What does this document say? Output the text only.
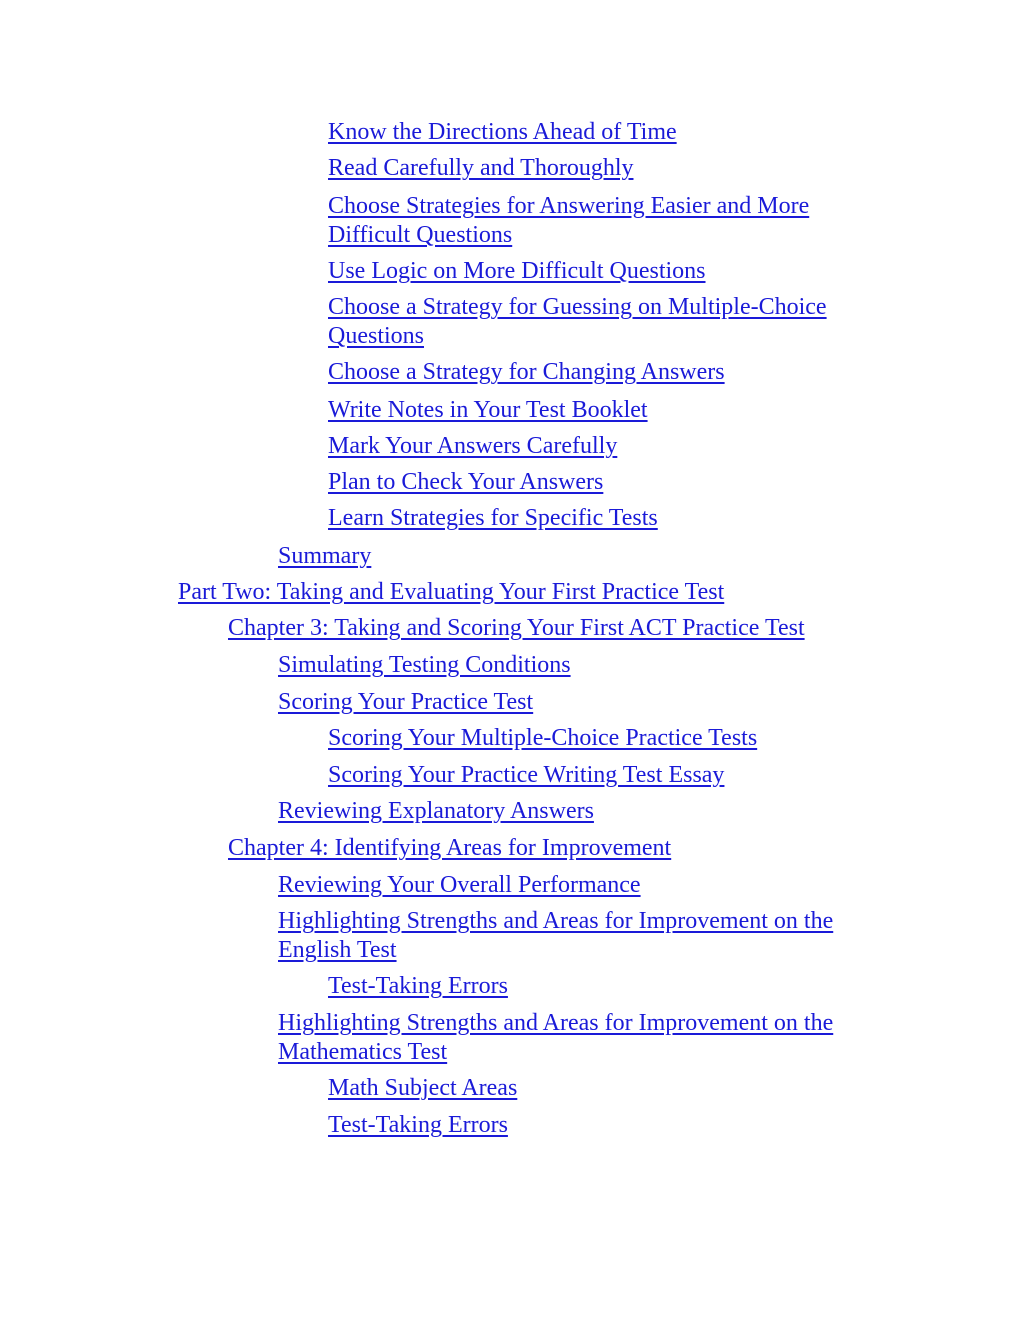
Know the Directions Ahead of Time
Read Carefully and Thoroughly
Choose Strategies for Answering Easier and More Difficult Questions
Use Logic on More Difficult Questions
Choose a Strategy for Guessing on Multiple-Choice Questions
Choose a Strategy for Changing Answers
Write Notes in Your Test Booklet
Mark Your Answers Carefully
Plan to Check Your Answers
Learn Strategies for Specific Tests
Summary
Part Two: Taking and Evaluating Your First Practice Test
Chapter 3: Taking and Scoring Your First ACT Practice Test
Simulating Testing Conditions
Scoring Your Practice Test
Scoring Your Multiple-Choice Practice Tests
Scoring Your Practice Writing Test Essay
Reviewing Explanatory Answers
Chapter 4: Identifying Areas for Improvement
Reviewing Your Overall Performance
Highlighting Strengths and Areas for Improvement on the English Test
Test-Taking Errors
Highlighting Strengths and Areas for Improvement on the Mathematics Test
Math Subject Areas
Test-Taking Errors
